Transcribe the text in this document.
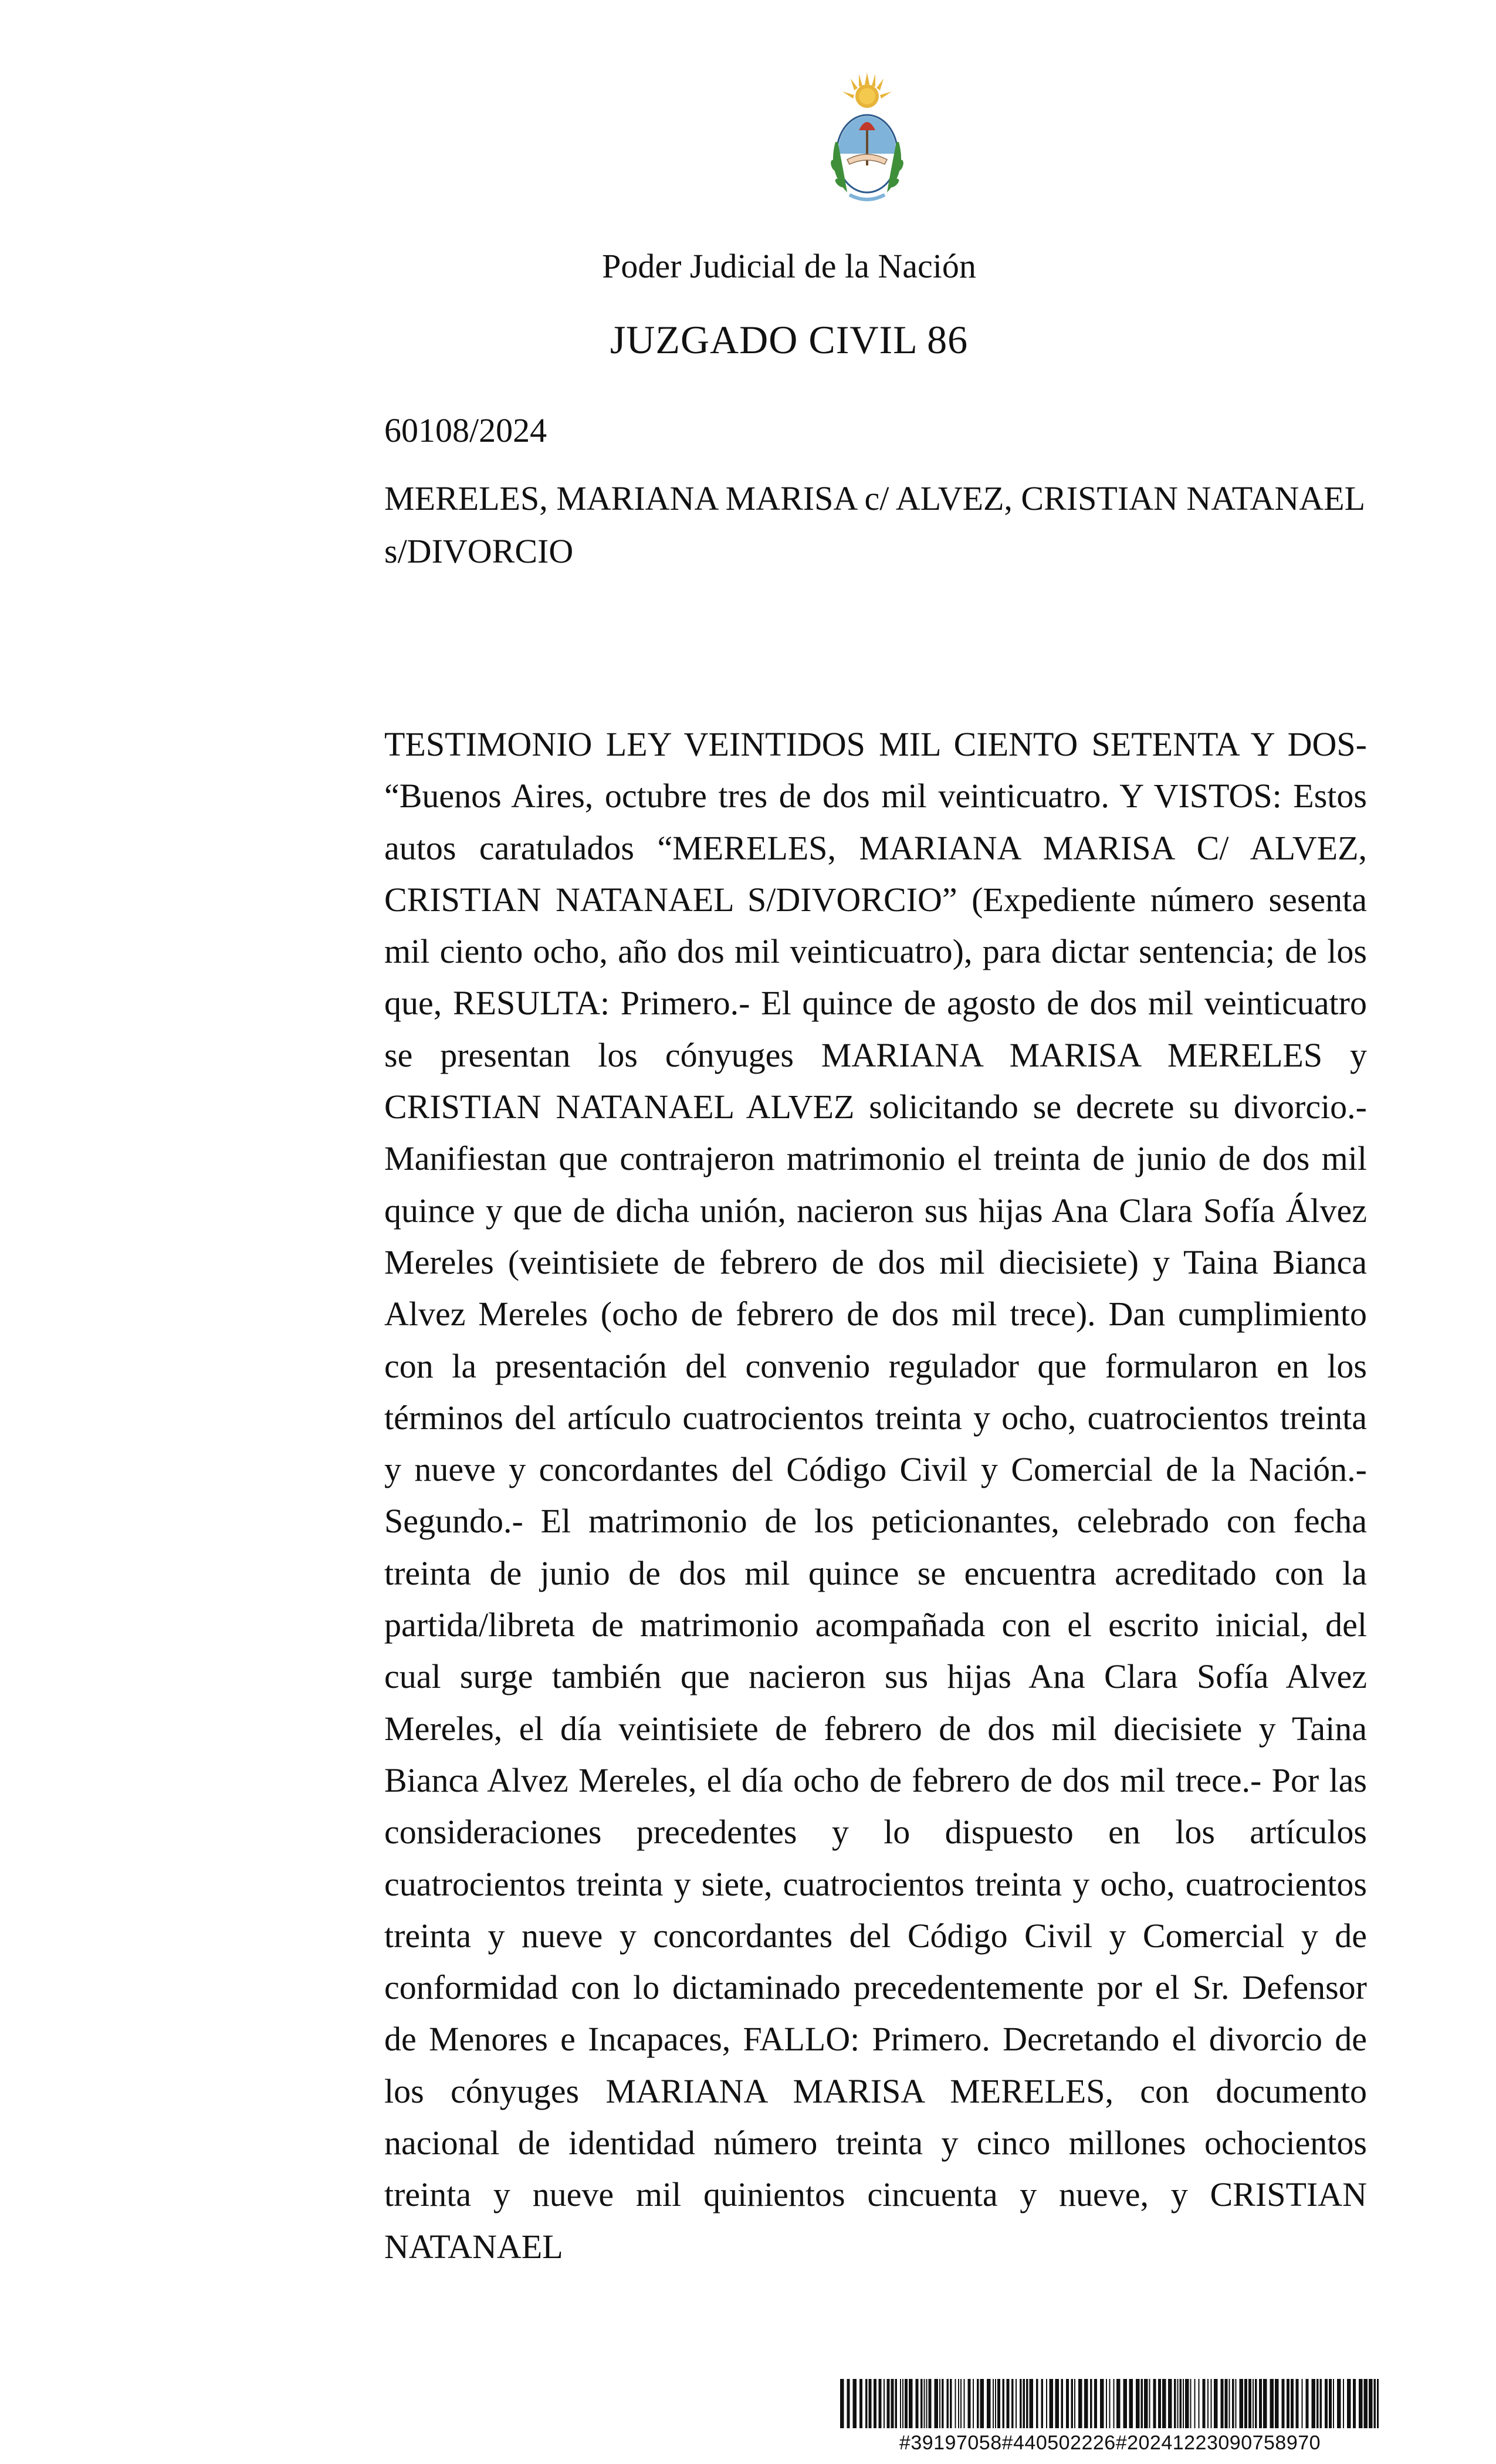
Poder Judicial de la Nación
JUZGADO CIVIL 86
60108/2024
MERELES, MARIANA MARISA c/ ALVEZ, CRISTIAN NATANAEL s/DIVORCIO
TESTIMONIO LEY VEINTIDOS MIL CIENTO SETENTA Y DOS- “Buenos Aires, octubre tres de dos mil veinticuatro. Y VISTOS: Estos autos caratulados “MERELES, MARIANA MARISA C/ ALVEZ, CRISTIAN NATANAEL S/DIVORCIO” (Expediente número sesenta mil ciento ocho, año dos mil veinticuatro), para dictar sentencia; de los que, RESULTA: Primero.- El quince de agosto de dos mil veinticuatro se presentan los cónyuges MARIANA MARISA MERELES y CRISTIAN NATANAEL ALVEZ solicitando se decrete su divorcio.- Manifiestan que contrajeron matrimonio el treinta de junio de dos mil quince y que de dicha unión, nacieron sus hijas Ana Clara Sofía Álvez Mereles (veintisiete de febrero de dos mil diecisiete) y Taina Bianca Alvez Mereles (ocho de febrero de dos mil trece). Dan cumplimiento con la presentación del convenio regulador que formularon en los términos del artículo cuatrocientos treinta y ocho, cuatrocientos treinta y nueve y concordantes del Código Civil y Comercial de la Nación.- Segundo.- El matrimonio de los peticionantes, celebrado con fecha treinta de junio de dos mil quince se encuentra acreditado con la partida/libreta de matrimonio acompañada con el escrito inicial, del cual surge también que nacieron sus hijas Ana Clara Sofía Alvez Mereles, el día veintisiete de febrero de dos mil diecisiete y Taina Bianca Alvez Mereles, el día ocho de febrero de dos mil trece.- Por las consideraciones precedentes y lo dispuesto en los artículos cuatrocientos treinta y siete, cuatrocientos treinta y ocho, cuatrocientos treinta y nueve y concordantes del Código Civil y Comercial y de conformidad con lo dictaminado precedentemente por el Sr. Defensor de Menores e Incapaces, FALLO: Primero. Decretando el divorcio de los cónyuges MARIANA MARISA MERELES, con documento nacional de identidad número treinta y cinco millones ochocientos treinta y nueve mil quinientos cincuenta y nueve, y CRISTIAN NATANAEL
#39197058#440502226#20241223090758970
